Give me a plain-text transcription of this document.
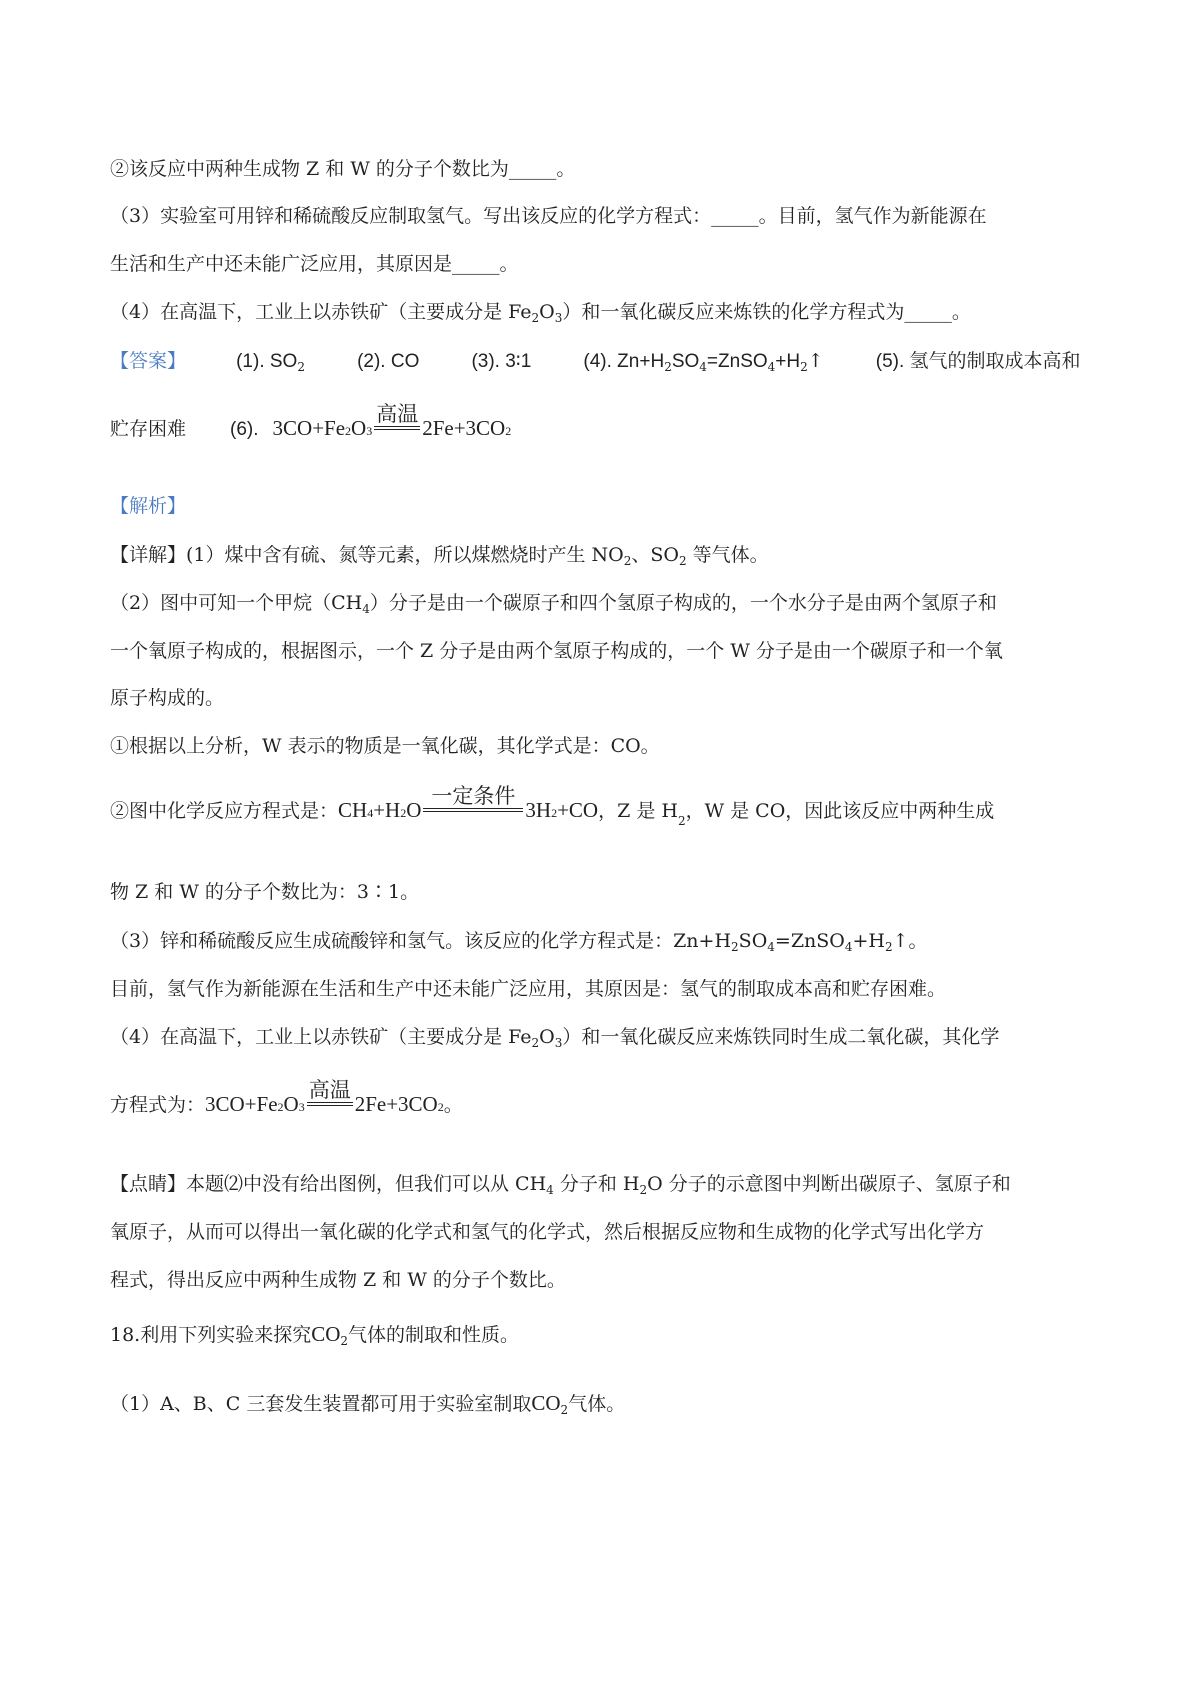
②该反应中两种生成物 Z 和 W 的分子个数比为_____。
（3）实验室可用锌和稀硫酸反应制取氢气。写出该反应的化学方程式：_____。目前，氢气作为新能源在
生活和生产中还未能广泛应用，其原因是_____。
（4）在高温下，工业上以赤铁矿（主要成分是 $Fe_2O_3$）和一氧化碳反应来炼铁的化学方程式为_____。
【答案】	(1). $SO_2$	(2). CO	(3). 3∶1	(4). $Zn+H_2SO_4=ZnSO_4+H_2↑$	(5). 氢气的制取成本高和
贮存困难 (6). 3CO+Fe 2 O 3
高温
2Fe+3CO 2
【解析】
【详解】(1）煤中含有硫、氮等元素，所以煤燃烧时产生 $NO_2$、$SO_2$ 等气体。
（2）图中可知一个甲烷$(CH_4)$分子是由一个碳原子和四个氢原子构成的，一个水分子是由两个氢原子和
一个氧原子构成的，根据图示，一个 Z 分子是由两个氢原子构成的，一个 W 分子是由一个碳原子和一个氧
原子构成的。
①根据以上分析，W 表示的物质是一氧化碳，其化学式是：CO。
②图中化学反应方程式是： CH 4 +H 2 O
一定条件
3H 2 +CO ，Z 是 H 2 ，W 是 CO，因此该反应中两种生成
物 Z 和 W 的分子个数比为：3∶1。
（3）锌和稀硫酸反应生成硫酸锌和氢气。该反应的化学方程式是：$Zn+H_2SO_4=ZnSO_4+H_2↑$。
目前，氢气作为新能源在生活和生产中还未能广泛应用，其原因是：氢气的制取成本高和贮存困难。
（4）在高温下，工业上以赤铁矿（主要成分是 $Fe_2O_3$）和一氧化碳反应来炼铁同时生成二氧化碳，其化学
方程式为： 3CO+Fe 2 O 3
高温
2Fe+3CO 2 。
【点睛】本题⑵中没有给出图例，但我们可以从 $CH_4$ 分子和 $H_2O$ 分子的示意图中判断出碳原子、氢原子和
氧原子，从而可以得出一氧化碳的化学式和氢气的化学式，然后根据反应物和生成物的化学式写出化学方
程式，得出反应中两种生成物 Z 和 W 的分子个数比。
18.利用下列实验来探究$CO_2$气体的制取和性质。
（1）A、B、C 三套发生装置都可用于实验室制取$CO_2$气体。
